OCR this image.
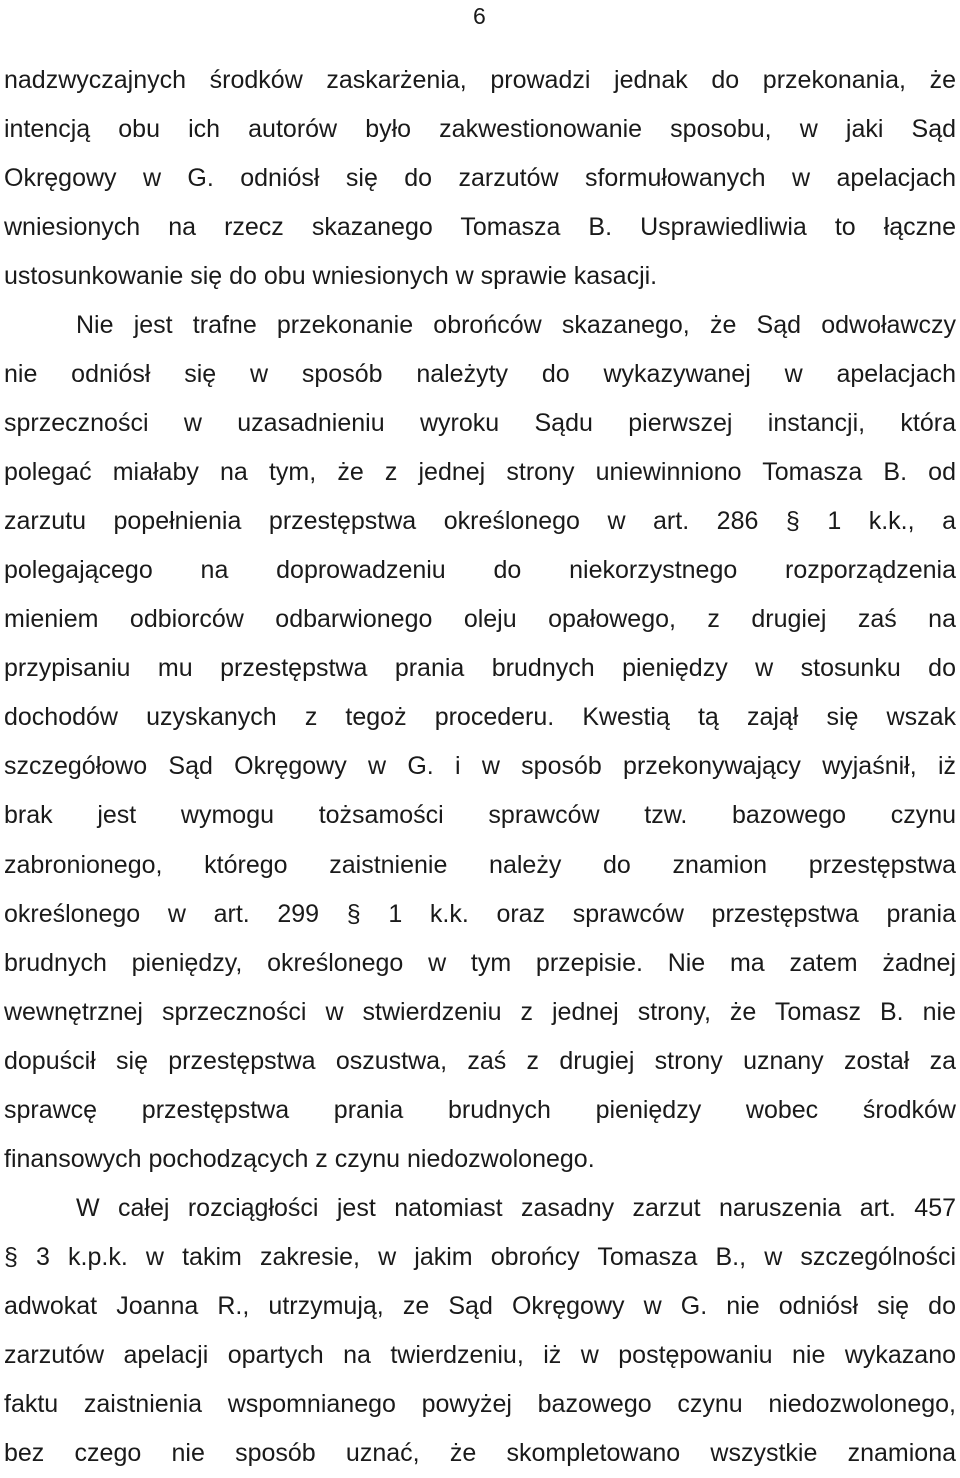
6
nadzwyczajnych środków zaskarżenia, prowadzi jednak do przekonania, że
intencją obu ich autorów było zakwestionowanie sposobu, w jaki Sąd
Okręgowy w G. odniósł się do zarzutów sformułowanych w apelacjach
wniesionych na rzecz skazanego Tomasza B. Usprawiedliwia to łączne
ustosunkowanie się do obu wniesionych w sprawie kasacji.
Nie jest trafne przekonanie obrońców skazanego, że Sąd odwoławczy
nie odniósł się w sposób należyty do wykazywanej w apelacjach
sprzeczności w uzasadnieniu wyroku Sądu pierwszej instancji, która
polegać miałaby na tym, że z jednej strony uniewinniono Tomasza B. od
zarzutu popełnienia przestępstwa określonego w art. 286 § 1 k.k., a
polegającego na doprowadzeniu do niekorzystnego rozporządzenia
mieniem odbiorców odbarwionego oleju opałowego, z drugiej zaś na
przypisaniu mu przestępstwa prania brudnych pieniędzy w stosunku do
dochodów uzyskanych z tegoż procederu. Kwestią tą zajął się wszak
szczegółowo Sąd Okręgowy w G. i w sposób przekonywający wyjaśnił, iż
brak jest wymogu tożsamości sprawców tzw. bazowego czynu
zabronionego, którego zaistnienie należy do znamion przestępstwa
określonego w art. 299 § 1 k.k. oraz sprawców przestępstwa prania
brudnych pieniędzy, określonego w tym przepisie. Nie ma zatem żadnej
wewnętrznej sprzeczności w stwierdzeniu z jednej strony, że Tomasz B. nie
dopuścił się przestępstwa oszustwa, zaś z drugiej strony uznany został za
sprawcę przestępstwa prania brudnych pieniędzy wobec środków
finansowych pochodzących z czynu niedozwolonego.
W całej rozciągłości jest natomiast zasadny zarzut naruszenia art. 457
§ 3 k.p.k. w takim zakresie, w jakim obrońcy Tomasza B., w szczególności
adwokat Joanna R., utrzymują, ze Sąd Okręgowy w G. nie odniósł się do
zarzutów apelacji opartych na twierdzeniu, iż w postępowaniu nie wykazano
faktu zaistnienia wspomnianego powyżej bazowego czynu niedozwolonego,
bez czego nie sposób uznać, że skompletowano wszystkie znamiona
